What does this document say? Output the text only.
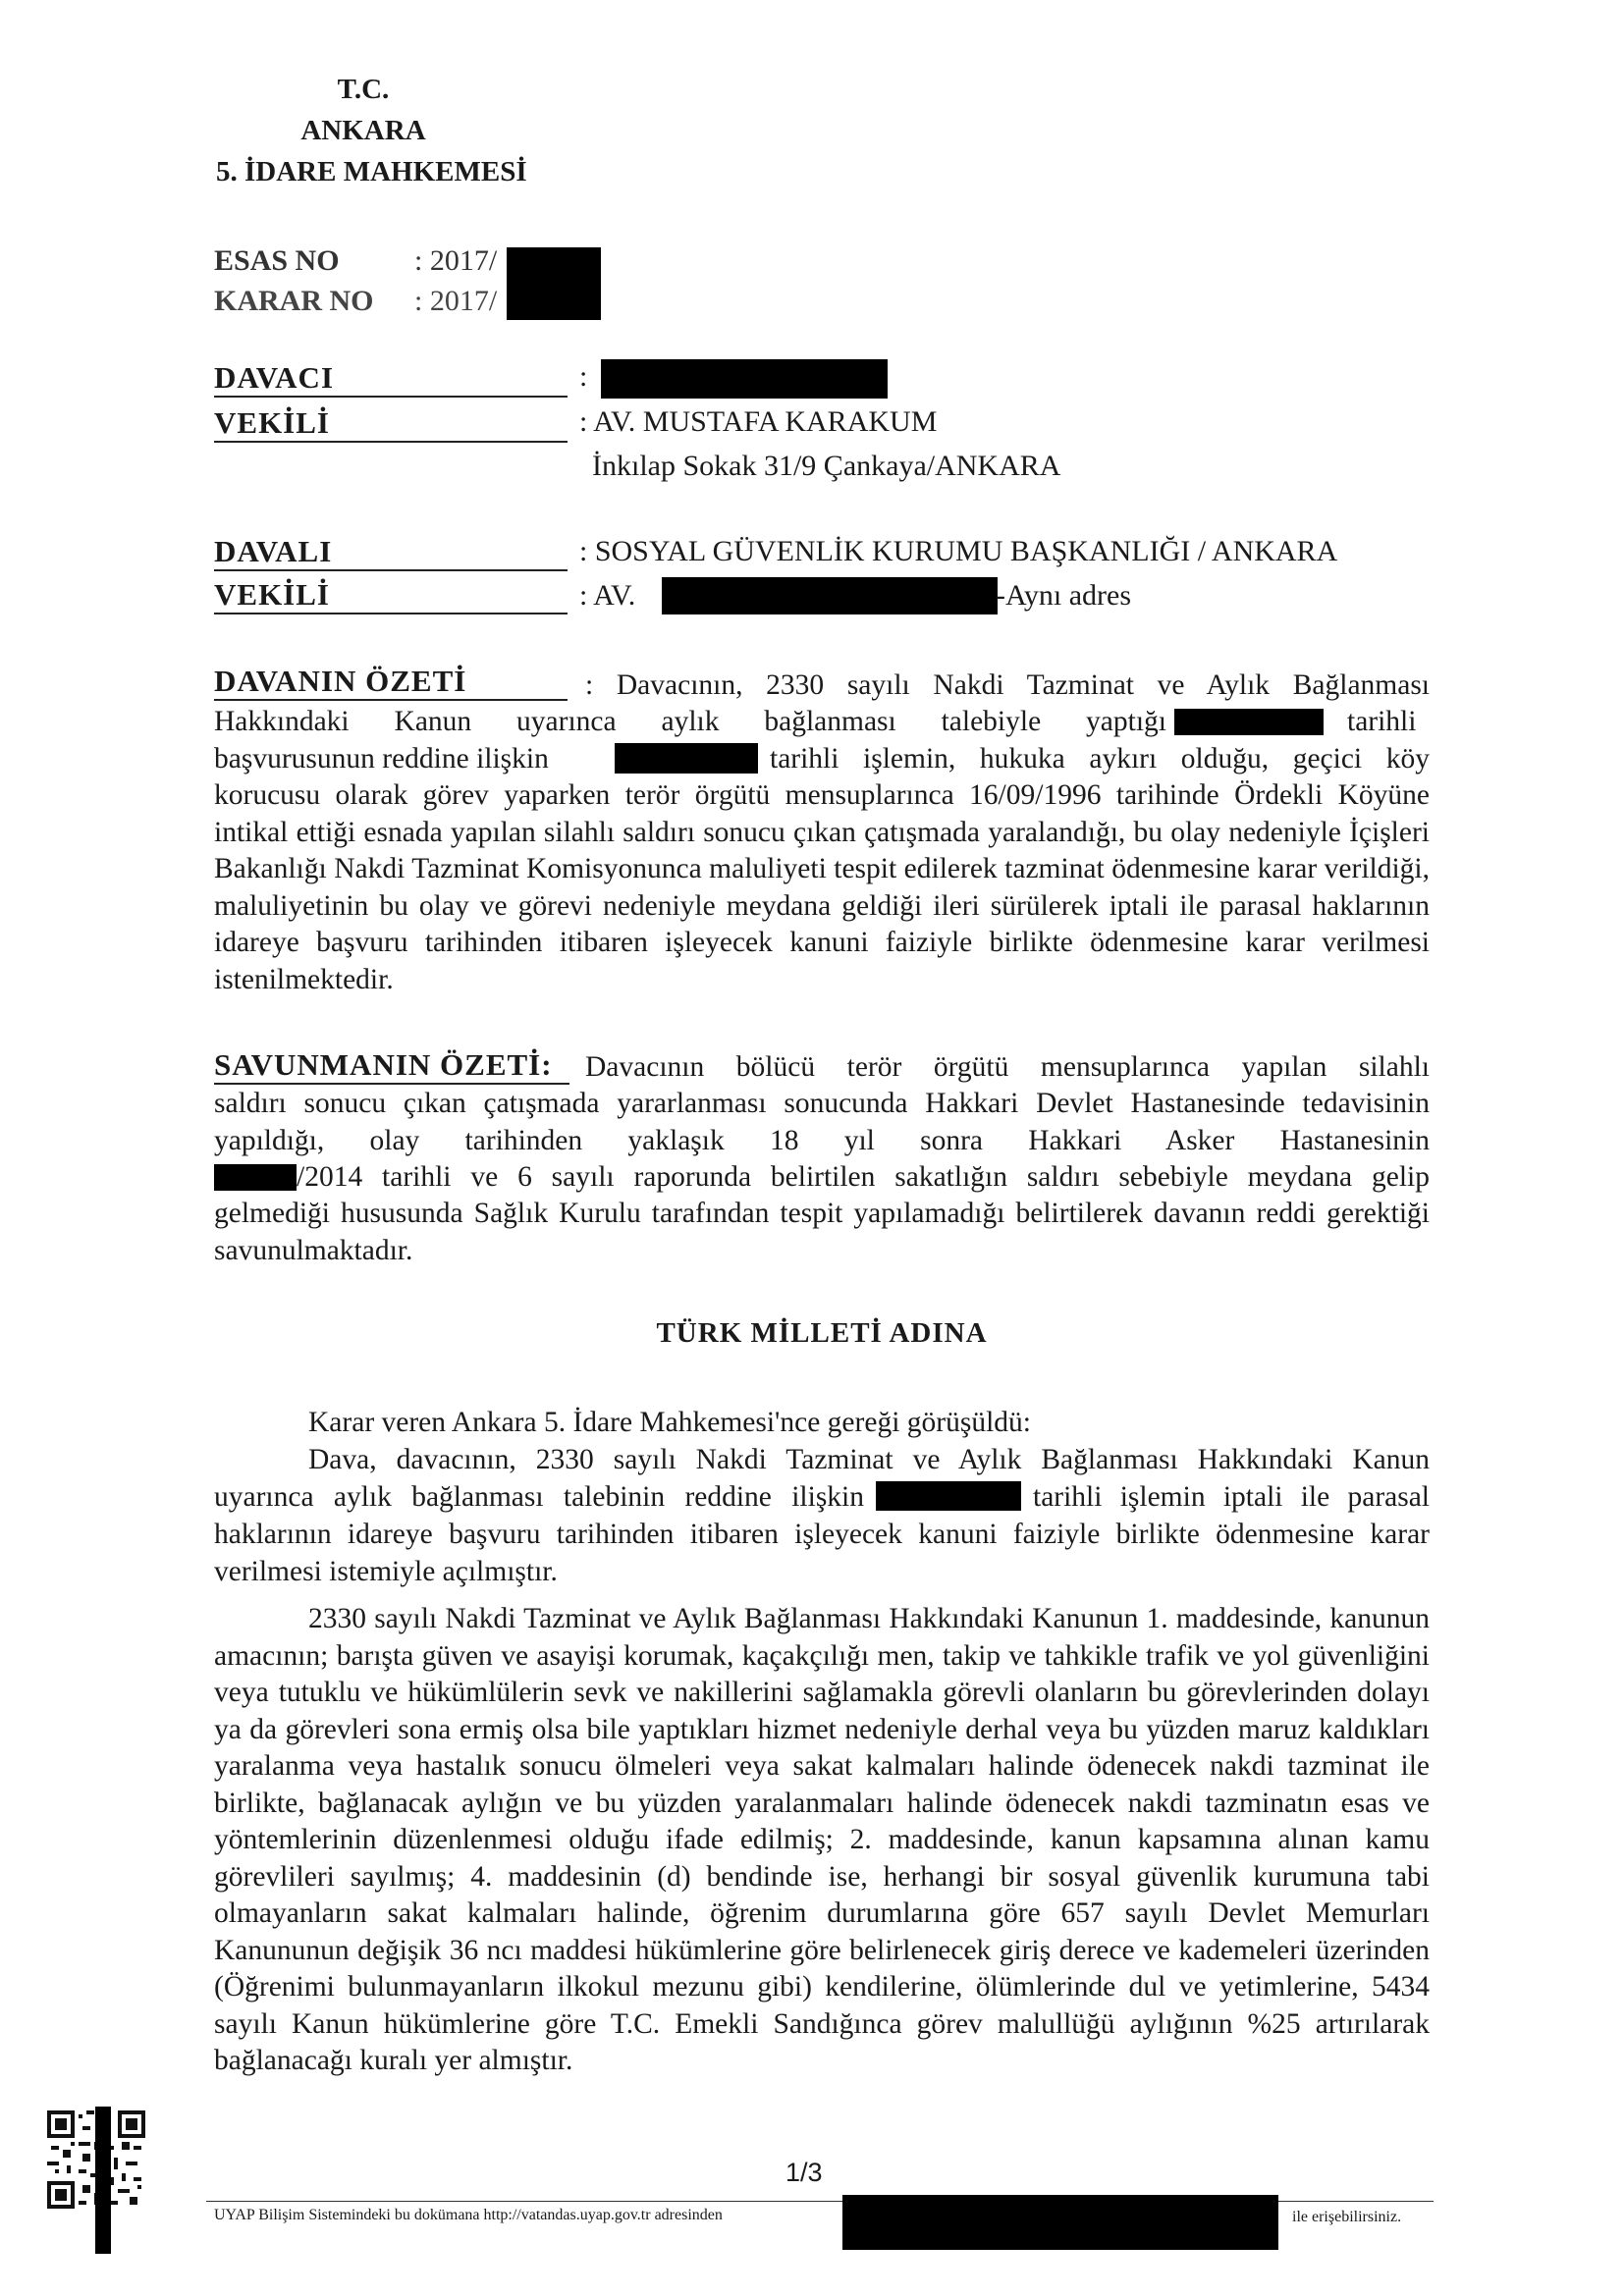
T.C.
ANKARA
5. İDARE MAHKEMESİ
ESAS NO	: 2017/
KARAR NO : 2017/
DAVACI	:
VEKİLİ	: AV. MUSTAFA KARAKUM
İnkılap Sokak 31/9 Çankaya/ANKARA
DAVALI	: SOSYAL GÜVENLİK KURUMU BAŞKANLIĞI / ANKARA
VEKİLİ	: AV.	-Aynı adres
DAVANIN ÖZETİ	: Davacının, 2330 sayılı Nakdi Tazminat ve Aylık Bağlanması
Hakkındaki Kanun uyarınca aylık bağlanması talebiyle yaptığı	tarihli
başvurusunun reddine ilişkin	tarihli işlemin, hukuka aykırı olduğu, geçici köy
korucusu olarak görev yaparken terör örgütü mensuplarınca 16/09/1996 tarihinde Ördekli Köyüne intikal ettiği esnada yapılan silahlı saldırı sonucu çıkan çatışmada yaralandığı, bu olay nedeniyle İçişleri Bakanlığı Nakdi Tazminat Komisyonunca maluliyeti tespit edilerek tazminat ödenmesine karar verildiği, maluliyetinin bu olay ve görevi nedeniyle meydana geldiği ileri sürülerek iptali ile parasal haklarının idareye başvuru tarihinden itibaren işleyecek kanuni faiziyle birlikte ödenmesine karar verilmesi istenilmektedir.
SAVUNMANIN ÖZETİ:	Davacının bölücü terör örgütü mensuplarınca yapılan silahlı
saldırı sonucu çıkan çatışmada yararlanması sonucunda Hakkari Devlet Hastanesinde tedavisinin yapıldığı, olay tarihinden yaklaşık 18 yıl sonra Hakkari Asker Hastanesinin
/2014 tarihli ve 6 sayılı raporunda belirtilen sakatlığın saldırı sebebiyle meydana gelip
gelmediği hususunda Sağlık Kurulu tarafından tespit yapılamadığı belirtilerek davanın reddi gerektiği savunulmaktadır.
TÜRK MİLLETİ ADINA
Karar veren Ankara 5. İdare Mahkemesi'nce gereği görüşüldü:
Dava, davacının, 2330 sayılı Nakdi Tazminat ve Aylık Bağlanması Hakkındaki Kanun
uyarınca aylık bağlanması talebinin reddine ilişkin	tarihli işlemin iptali ile parasal
haklarının idareye başvuru tarihinden itibaren işleyecek kanuni faiziyle birlikte ödenmesine karar verilmesi istemiyle açılmıştır.
2330 sayılı Nakdi Tazminat ve Aylık Bağlanması Hakkındaki Kanunun 1. maddesinde, kanunun amacının; barışta güven ve asayişi korumak, kaçakçılığı men, takip ve tahkikle trafik ve yol güvenliğini veya tutuklu ve hükümlülerin sevk ve nakillerini sağlamakla görevli olanların bu görevlerinden dolayı ya da görevleri sona ermiş olsa bile yaptıkları hizmet nedeniyle derhal veya bu yüzden maruz kaldıkları yaralanma veya hastalık sonucu ölmeleri veya sakat kalmaları halinde ödenecek nakdi tazminat ile birlikte, bağlanacak aylığın ve bu yüzden yaralanmaları halinde ödenecek nakdi tazminatın esas ve yöntemlerinin düzenlenmesi olduğu ifade edilmiş; 2. maddesinde, kanun kapsamına alınan kamu görevlileri sayılmış; 4. maddesinin (d) bendinde ise, herhangi bir sosyal güvenlik kurumuna tabi olmayanların sakat kalmaları halinde, öğrenim durumlarına göre 657 sayılı Devlet Memurları Kanununun değişik 36 ncı maddesi hükümlerine göre belirlenecek giriş derece ve kademeleri üzerinden (Öğrenimi bulunmayanların ilkokul mezunu gibi) kendilerine, ölümlerinde dul ve yetimlerine, 5434 sayılı Kanun hükümlerine göre T.C. Emekli Sandığınca görev malullüğü aylığının %25 artırılarak bağlanacağı kuralı yer almıştır.
1/3
UYAP Bilişim Sistemindeki bu dokümana http://vatandas.uyap.gov.tr adresinden	ile erişebilirsiniz.
